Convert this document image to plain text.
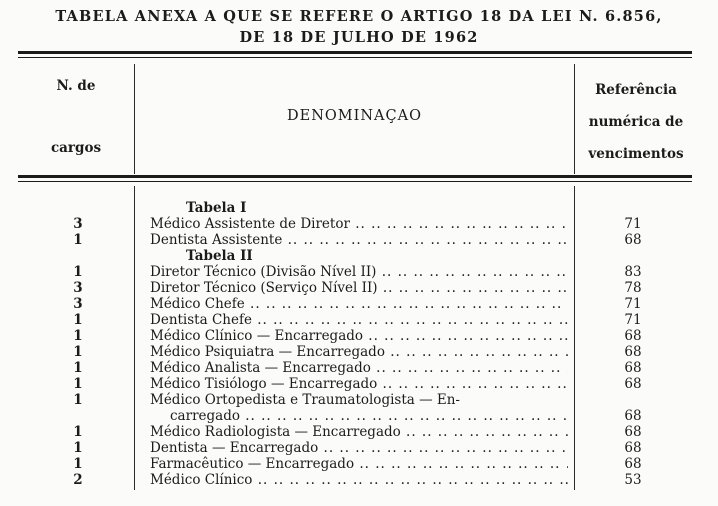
TABELA ANEXA A QUE SE REFERE O ARTIGO 18 DA LEI N. 6.856,
DE 18 DE JULHO DE 1962
N. de
cargos
DENOMINAÇAO
Referência
numérica de
vencimentos
Tabela I
3	Médico Assistente de Diretor .. ..	71
1	Dentista Assistente .. ..	68
Tabela II
1	Diretor Técnico (Divisão Nível II) .. ..	83
3	Diretor Técnico (Serviço Nível II) .. ..	78
3	Médico Chefe .. ..	71
1	Dentista Chefe .. ..	71
1	Médico Clínico — Encarregado .. ..	68
1	Médico Psiquiatra — Encarregado .. ..	68
1	Médico Analista — Encarregado .. ..	68
1	Médico Tisiólogo — Encarregado .. ..	68
1	Médico Ortopedista e Traumatologista — En-
carregado .. ..	68
1	Médico Radiologista — Encarregado .. ..	68
1	Dentista — Encarregado .. ..	68
1	Farmacêutico — Encarregado .. ..	68
2	Médico Clínico .. ..	53
